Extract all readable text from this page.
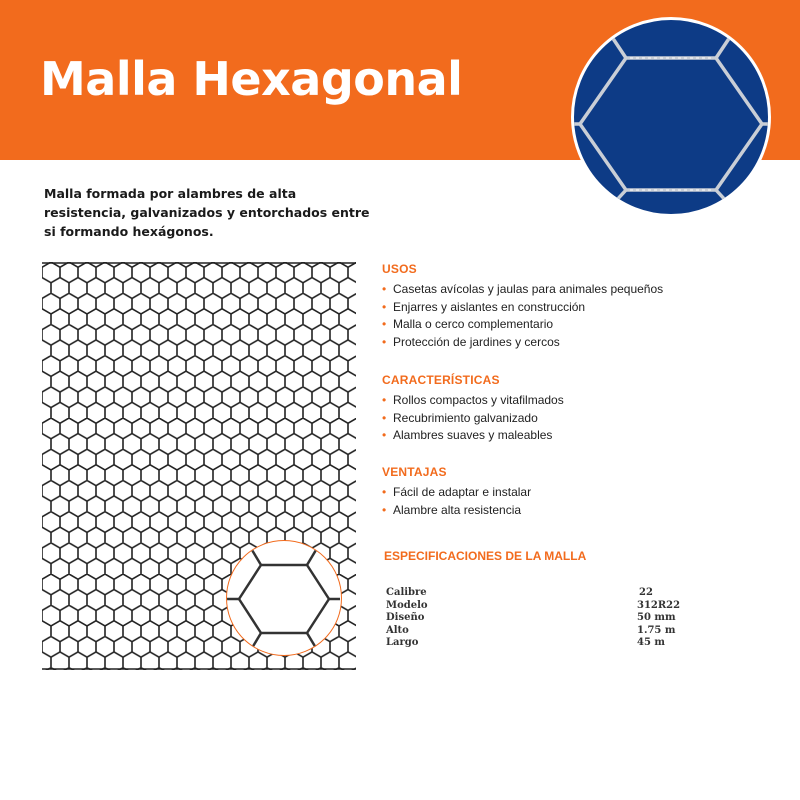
Malla Hexagonal

Malla formada por alambres de alta resistencia, galvanizados y entorchados entre si formando hexágonos.

USOS

• Casetas avícolas y jaulas para animales pequeños
• Enjarres y aislantes en construcción
• Malla o cerco complementario
• Protección de jardines y cercos

CARACTERÍSTICAS

• Rollos compactos y vitafilmados
• Recubrimiento galvanizado
• Alambres suaves y maleables

VENTAJAS

• Fácil de adaptar e instalar
• Alambre alta resistencia

ESPECIFICACIONES DE LA MALLA

Calibre	22
Modelo	312R22
Diseño	50 mm
Alto	1.75 m
Largo	45 m
